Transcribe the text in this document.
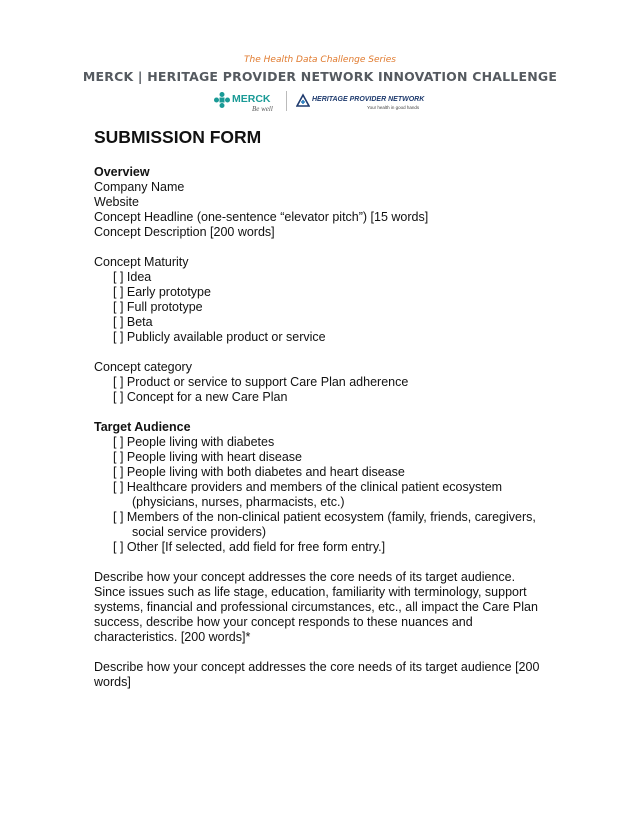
The Health Data Challenge Series
MERCK | HERITAGE PROVIDER NETWORK INNOVATION CHALLENGE
MERCK
Be well
HERITAGE PROVIDER NETWORK
Your health in good hands
SUBMISSION FORM
Overview
Company Name
Website
Concept Headline (one-sentence “elevator pitch”) [15 words]
Concept Description [200 words]
Concept Maturity
[ ] Idea
[ ] Early prototype
[ ] Full prototype
[ ] Beta
[ ] Publicly available product or service
Concept category
[ ] Product or service to support Care Plan adherence
[ ] Concept for a new Care Plan
Target Audience
[ ] People living with diabetes
[ ] People living with heart disease
[ ] People living with both diabetes and heart disease
[ ] Healthcare providers and members of the clinical patient ecosystem
(physicians, nurses, pharmacists, etc.)
[ ] Members of the non-clinical patient ecosystem (family, friends, caregivers,
social service providers)
[ ] Other [If selected, add field for free form entry.]
Describe how your concept addresses the core needs of its target audience.
Since issues such as life stage, education, familiarity with terminology, support
systems, financial and professional circumstances, etc., all impact the Care Plan
success, describe how your concept responds to these nuances and
characteristics. [200 words]*
Describe how your concept addresses the core needs of its target audience [200
words]
